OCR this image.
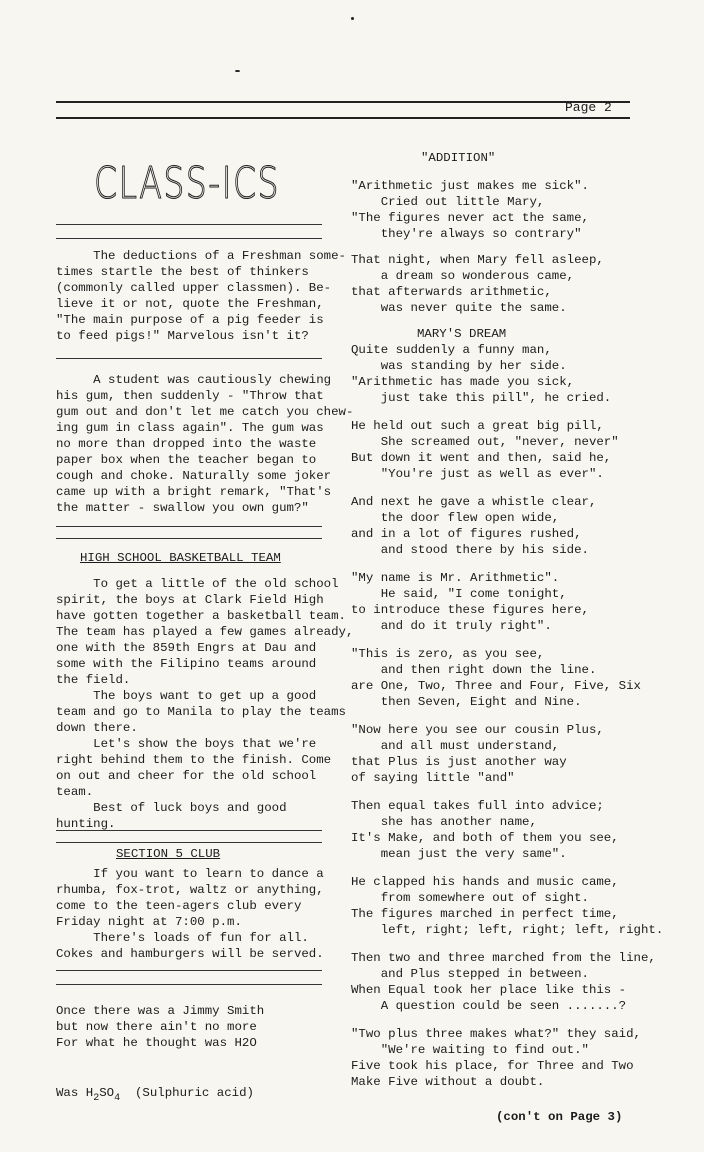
Page 2
CLASS-ICS
The deductions of a Freshman some-
times startle the best of thinkers
(commonly called upper classmen). Be-
lieve it or not, quote the Freshman,
"The main purpose of a pig feeder is
to feed pigs!" Marvelous isn't it?
A student was cautiously chewing
his gum, then suddenly - "Throw that
gum out and don't let me catch you chew-
ing gum in class again". The gum was
no more than dropped into the waste
paper box when the teacher began to
cough and choke. Naturally some joker
came up with a bright remark, "That's
the matter - swallow you own gum?"
HIGH SCHOOL BASKETBALL TEAM
To get a little of the old school
spirit, the boys at Clark Field High
have gotten together a basketball team.
The team has played a few games already,
one with the 859th Engrs at Dau and
some with the Filipino teams around
the field.
The boys want to get up a good
team and go to Manila to play the teams
down there.
Let's show the boys that we're
right behind them to the finish. Come
on out and cheer for the old school
team.
Best of luck boys and good
hunting.
SECTION 5 CLUB
If you want to learn to dance a
rhumba, fox-trot, waltz or anything,
come to the teen-agers club every
Friday night at 7:00 p.m.
There's loads of fun for all.
Cokes and hamburgers will be served.
Once there was a Jimmy Smith
but now there ain't no more
For what he thought was H2O
Was $H_2SO_4$  (Sulphuric acid)
"ADDITION"
"Arithmetic just makes me sick".
Cried out little Mary,
"The figures never act the same,
they're always so contrary"
That night, when Mary fell asleep,
a dream so wonderous came,
that afterwards arithmetic,
was never quite the same.
MARY'S DREAM
Quite suddenly a funny man,
was standing by her side.
"Arithmetic has made you sick,
just take this pill", he cried.
He held out such a great big pill,
She screamed out, "never, never"
But down it went and then, said he,
"You're just as well as ever".
And next he gave a whistle clear,
the door flew open wide,
and in a lot of figures rushed,
and stood there by his side.
"My name is Mr. Arithmetic".
He said, "I come tonight,
to introduce these figures here,
and do it truly right".
"This is zero, as you see,
and then right down the line.
are One, Two, Three and Four, Five, Six
then Seven, Eight and Nine.
"Now here you see our cousin Plus,
and all must understand,
that Plus is just another way
of saying little "and"
Then equal takes full into advice;
she has another name,
It's Make, and both of them you see,
mean just the very same".
He clapped his hands and music came,
from somewhere out of sight.
The figures marched in perfect time,
left, right; left, right; left, right.
Then two and three marched from the line,
and Plus stepped in between.
When Equal took her place like this -
A question could be seen .......?
"Two plus three makes what?" they said,
"We're waiting to find out."
Five took his place, for Three and Two
Make Five without a doubt.
(con't on Page 3)
